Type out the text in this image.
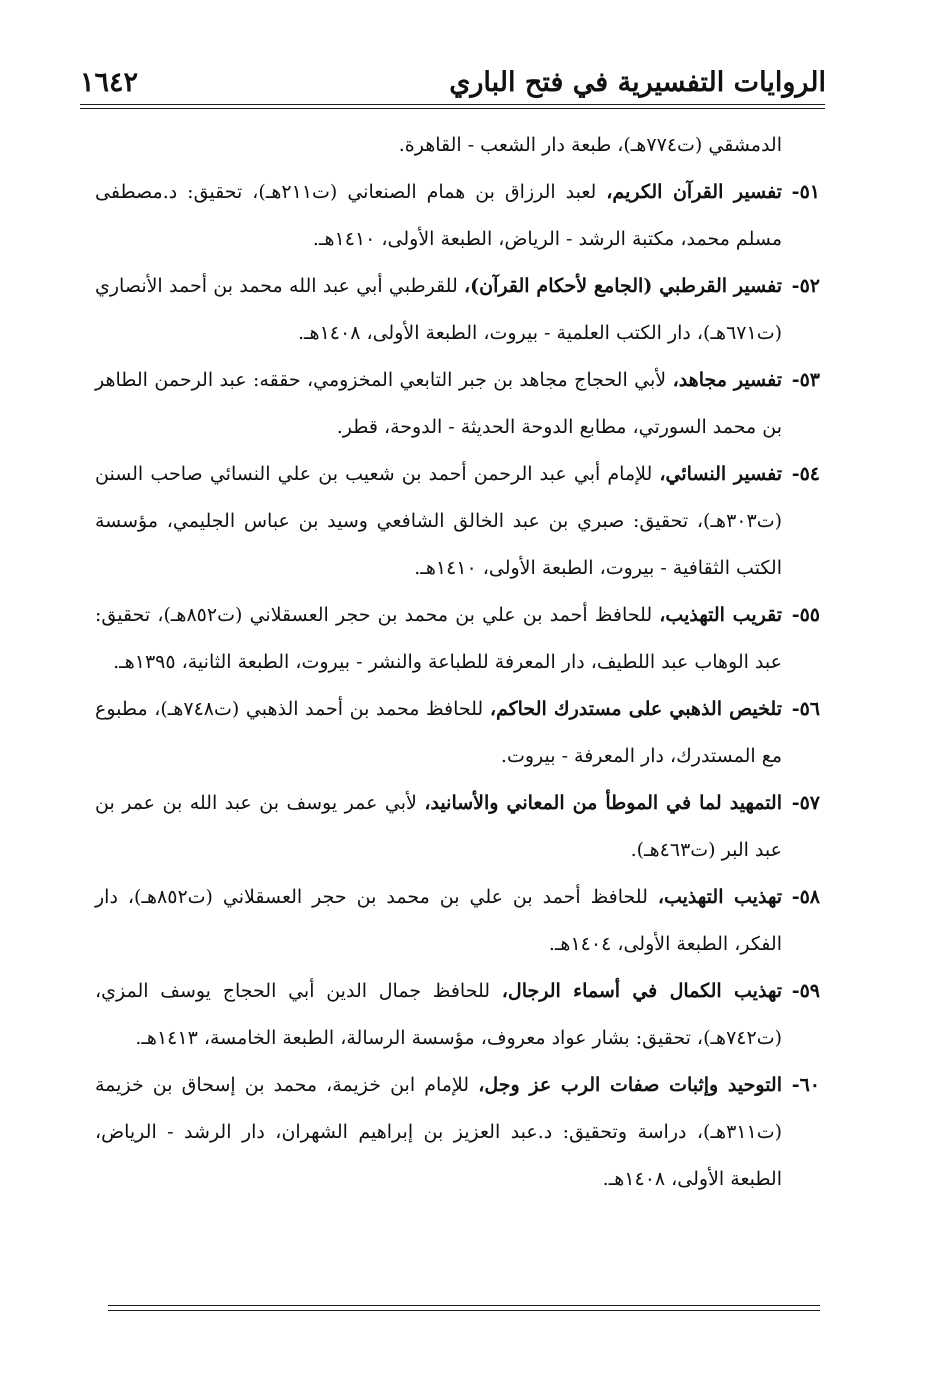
الروايات التفسيرية في فتح الباري
١٦٤٢

الدمشقي (ت٧٧٤هـ)، طبعة دار الشعب - القاهرة.

٥١-تفسير القرآن الكريم، لعبد الرزاق بن همام الصنعاني (ت٢١١هـ)، تحقيق: د.مصطفى مسلم محمد، مكتبة الرشد - الرياض، الطبعة الأولى، ١٤١٠هـ.

٥٢-تفسير القرطبي (الجامع لأحكام القرآن)، للقرطبي أبي عبد الله محمد بن أحمد الأنصاري (ت٦٧١هـ)، دار الكتب العلمية - بيروت، الطبعة الأولى، ١٤٠٨هـ.

٥٣-تفسير مجاهد، لأبي الحجاج مجاهد بن جبر التابعي المخزومي، حققه: عبد الرحمن الطاهر بن محمد السورتي، مطابع الدوحة الحديثة - الدوحة، قطر.

٥٤-تفسير النسائي، للإمام أبي عبد الرحمن أحمد بن شعيب بن علي النسائي صاحب السنن (ت٣٠٣هـ)، تحقيق: صبري بن عبد الخالق الشافعي وسيد بن عباس الجليمي، مؤسسة الكتب الثقافية - بيروت، الطبعة الأولى، ١٤١٠هـ.

٥٥-تقريب التهذيب، للحافظ أحمد بن علي بن محمد بن حجر العسقلاني (ت٨٥٢هـ)، تحقيق: عبد الوهاب عبد اللطيف، دار المعرفة للطباعة والنشر - بيروت، الطبعة الثانية، ١٣٩٥هـ.

٥٦-تلخيص الذهبي على مستدرك الحاكم، للحافظ محمد بن أحمد الذهبي (ت٧٤٨هـ)، مطبوع مع المستدرك، دار المعرفة - بيروت.

٥٧-التمهيد لما في الموطأ من المعاني والأسانيد، لأبي عمر يوسف بن عبد الله بن عمر بن عبد البر (ت٤٦٣هـ).

٥٨-تهذيب التهذيب، للحافظ أحمد بن علي بن محمد بن حجر العسقلاني (ت٨٥٢هـ)، دار الفكر، الطبعة الأولى، ١٤٠٤هـ.

٥٩-تهذيب الكمال في أسماء الرجال، للحافظ جمال الدين أبي الحجاج يوسف المزي، (ت٧٤٢هـ)، تحقيق: بشار عواد معروف، مؤسسة الرسالة، الطبعة الخامسة، ١٤١٣هـ.

٦٠-التوحيد وإثبات صفات الرب عز وجل، للإمام ابن خزيمة، محمد بن إسحاق بن خزيمة (ت٣١١هـ)، دراسة وتحقيق: د.عبد العزيز بن إبراهيم الشهران، دار الرشد - الرياض، الطبعة الأولى، ١٤٠٨هـ.
